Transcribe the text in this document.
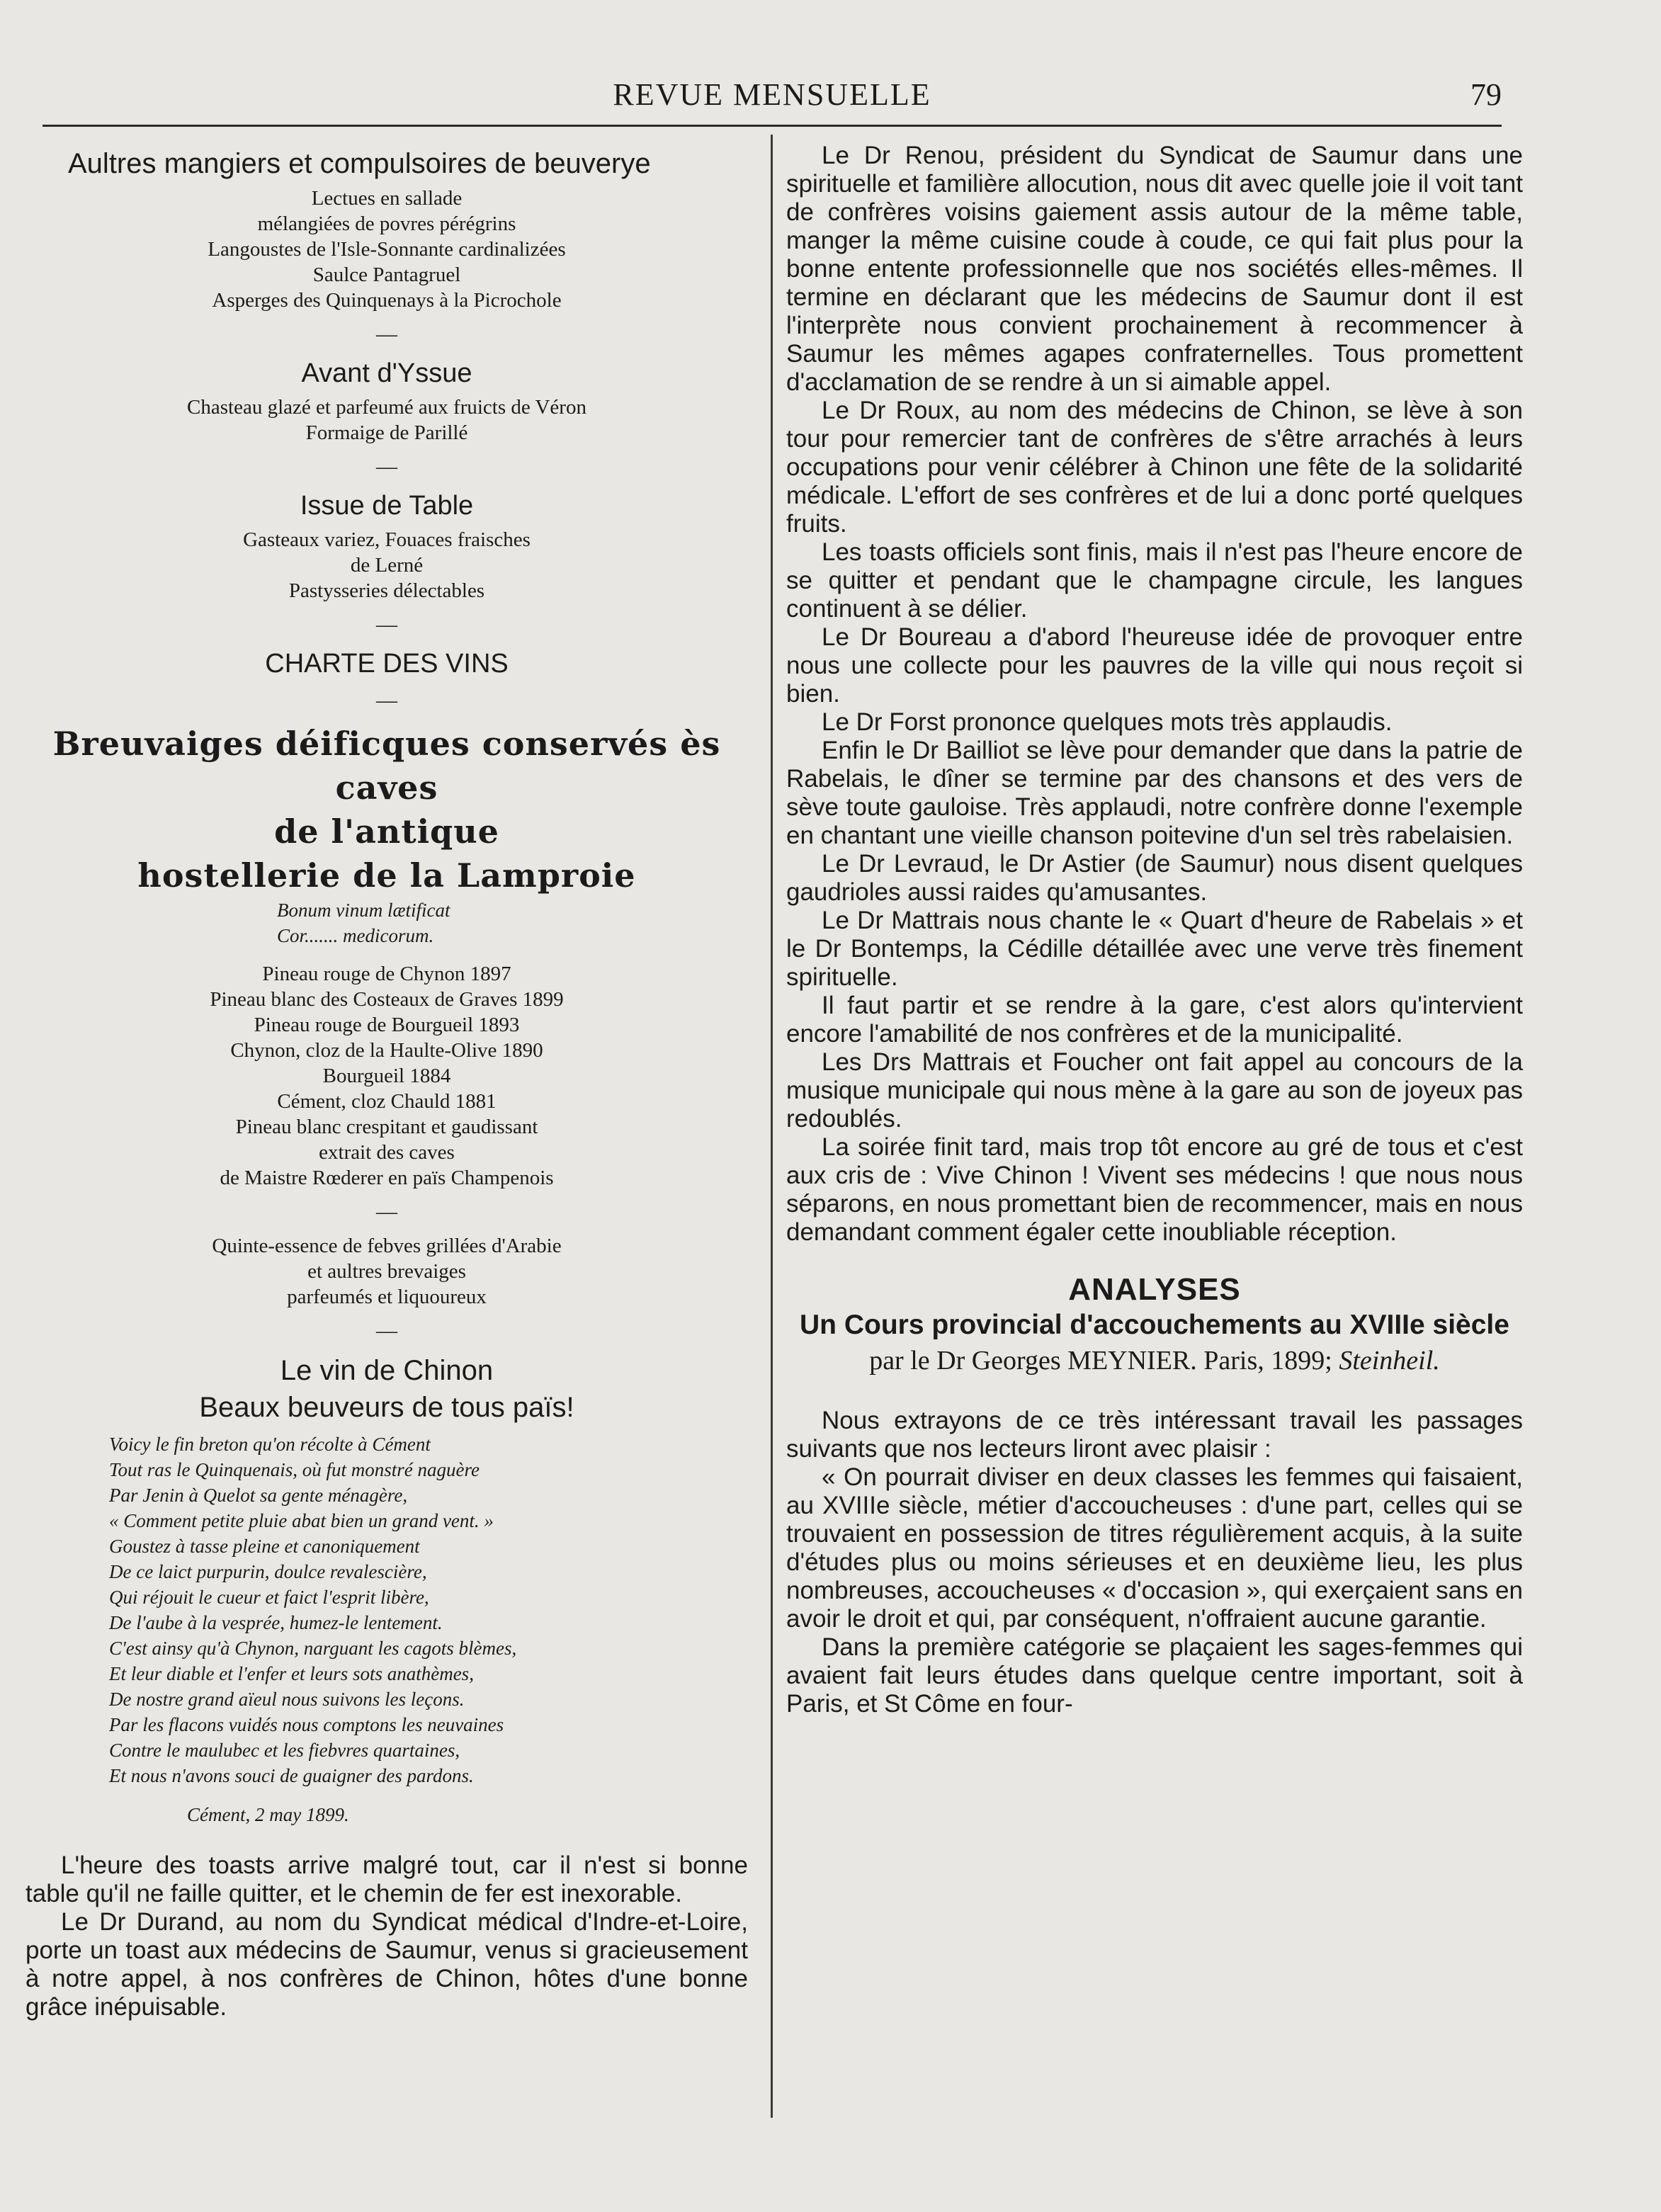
REVUE MENSUELLE	79
Aultres mangiers et compulsoires de beuverye
Lectues en sallade
mélangiées de povres pérégrins
Langoustes de l'Isle-Sonnante cardinalizées
Saulce Pantagruel
Asperges des Quinquenays à la Picrochole
—
Avant d'Yssue
Chasteau glazé et parfeumé aux fruicts de Véron
Formaige de Parillé
—
Issue de Table
Gasteaux variez, Fouaces fraisches
de Lerné
Pastysseries délectables
—
CHARTE DES VINS
—
Breuvaiges déificques conservés ès caves
de l'antique
hostellerie de la Lamproie
Bonum vinum lætificat
Cor....... medicorum.
Pineau rouge de Chynon 1897
Pineau blanc des Costeaux de Graves 1899
Pineau rouge de Bourgueil 1893
Chynon, cloz de la Haulte-Olive 1890
Bourgueil 1884
Cément, cloz Chauld 1881
Pineau blanc crespitant et gaudissant
extrait des caves
de Maistre Rœderer en païs Champenois
—
Quinte-essence de febves grillées d'Arabie
et aultres brevaiges
parfeumés et liquoureux
—
Le vin de Chinon
Beaux beuveurs de tous païs!
Voicy le fin breton qu'on récolte à Cément
Tout ras le Quinquenais, où fut monstré naguère
Par Jenin à Quelot sa gente ménagère,
« Comment petite pluie abat bien un grand vent. »
Goustez à tasse pleine et canoniquement
De ce laict purpurin, doulce revalescière,
Qui réjouit le cueur et faict l'esprit libère,
De l'aube à la vesprée, humez-le lentement.
C'est ainsy qu'à Chynon, narguant les cagots blèmes,
Et leur diable et l'enfer et leurs sots anathèmes,
De nostre grand aïeul nous suivons les leçons.
Par les flacons vuidés nous comptons les neuvaines
Contre le maulubec et les fiebvres quartaines,
Et nous n'avons souci de guaigner des pardons.
Cément, 2 may 1899.

L'heure des toasts arrive malgré tout, car il n'est si bonne table qu'il ne faille quitter, et le chemin de fer est inexorable.

Le Dr Durand, au nom du Syndicat médical d'Indre-et-Loire, porte un toast aux médecins de Saumur, venus si gracieusement à notre appel, à nos confrères de Chinon, hôtes d'une bonne grâce inépuisable.

Le Dr Renou, président du Syndicat de Saumur dans une spirituelle et familière allocution, nous dit avec quelle joie il voit tant de confrères voisins gaiement assis autour de la même table, manger la même cuisine coude à coude, ce qui fait plus pour la bonne entente professionnelle que nos sociétés elles-mêmes. Il termine en déclarant que les médecins de Saumur dont il est l'interprète nous convient prochainement à recommencer à Saumur les mêmes agapes confraternelles. Tous promettent d'acclamation de se rendre à un si aimable appel.

Le Dr Roux, au nom des médecins de Chinon, se lève à son tour pour remercier tant de confrères de s'être arrachés à leurs occupations pour venir célébrer à Chinon une fête de la solidarité médicale. L'effort de ses confrères et de lui a donc porté quelques fruits.

Les toasts officiels sont finis, mais il n'est pas l'heure encore de se quitter et pendant que le champagne circule, les langues continuent à se délier.

Le Dr Boureau a d'abord l'heureuse idée de provoquer entre nous une collecte pour les pauvres de la ville qui nous reçoit si bien.

Le Dr Forst prononce quelques mots très applaudis.

Enfin le Dr Bailliot se lève pour demander que dans la patrie de Rabelais, le dîner se termine par des chansons et des vers de sève toute gauloise. Très applaudi, notre confrère donne l'exemple en chantant une vieille chanson poitevine d'un sel très rabelaisien.

Le Dr Levraud, le Dr Astier (de Saumur) nous disent quelques gaudrioles aussi raides qu'amusantes.

Le Dr Mattrais nous chante le « Quart d'heure de Rabelais » et le Dr Bontemps, la Cédille détaillée avec une verve très finement spirituelle.

Il faut partir et se rendre à la gare, c'est alors qu'intervient encore l'amabilité de nos confrères et de la municipalité.

Les Drs Mattrais et Foucher ont fait appel au concours de la musique municipale qui nous mène à la gare au son de joyeux pas redoublés.

La soirée finit tard, mais trop tôt encore au gré de tous et c'est aux cris de : Vive Chinon ! Vivent ses médecins ! que nous nous séparons, en nous promettant bien de recommencer, mais en nous demandant comment égaler cette inoubliable réception.

ANALYSES
Un Cours provincial d'accouchements au XVIIIe siècle
par le Dr Georges MEYNIER. Paris, 1899; Steinheil.

Nous extrayons de ce très intéressant travail les passages suivants que nos lecteurs liront avec plaisir :

« On pourrait diviser en deux classes les femmes qui faisaient, au XVIIIe siècle, métier d'accoucheuses : d'une part, celles qui se trouvaient en possession de titres régulièrement acquis, à la suite d'études plus ou moins sérieuses et en deuxième lieu, les plus nombreuses, accoucheuses « d'occasion », qui exerçaient sans en avoir le droit et qui, par conséquent, n'offraient aucune garantie.

Dans la première catégorie se plaçaient les sages-femmes qui avaient fait leurs études dans quelque centre important, soit à Paris, et St Côme en four-
